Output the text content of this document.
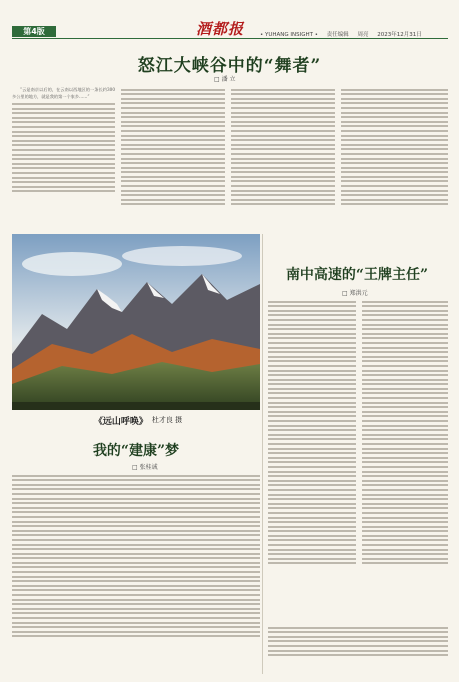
第4版	酒都报	• YUHANG INSIGHT • 责任编辑 周亮 2023年12月31日
怒江大峡谷中的“舞者”
□ 潘 立

“云是南京以后的，在云南以西地区的一条长约300多公里的地方，就是我的第一个家乡……”

《远山呼唤》 杜才良 摄
我的“建康”梦
□ 张桂诚
南中高速的“王牌主任”
□ 郑洪元
